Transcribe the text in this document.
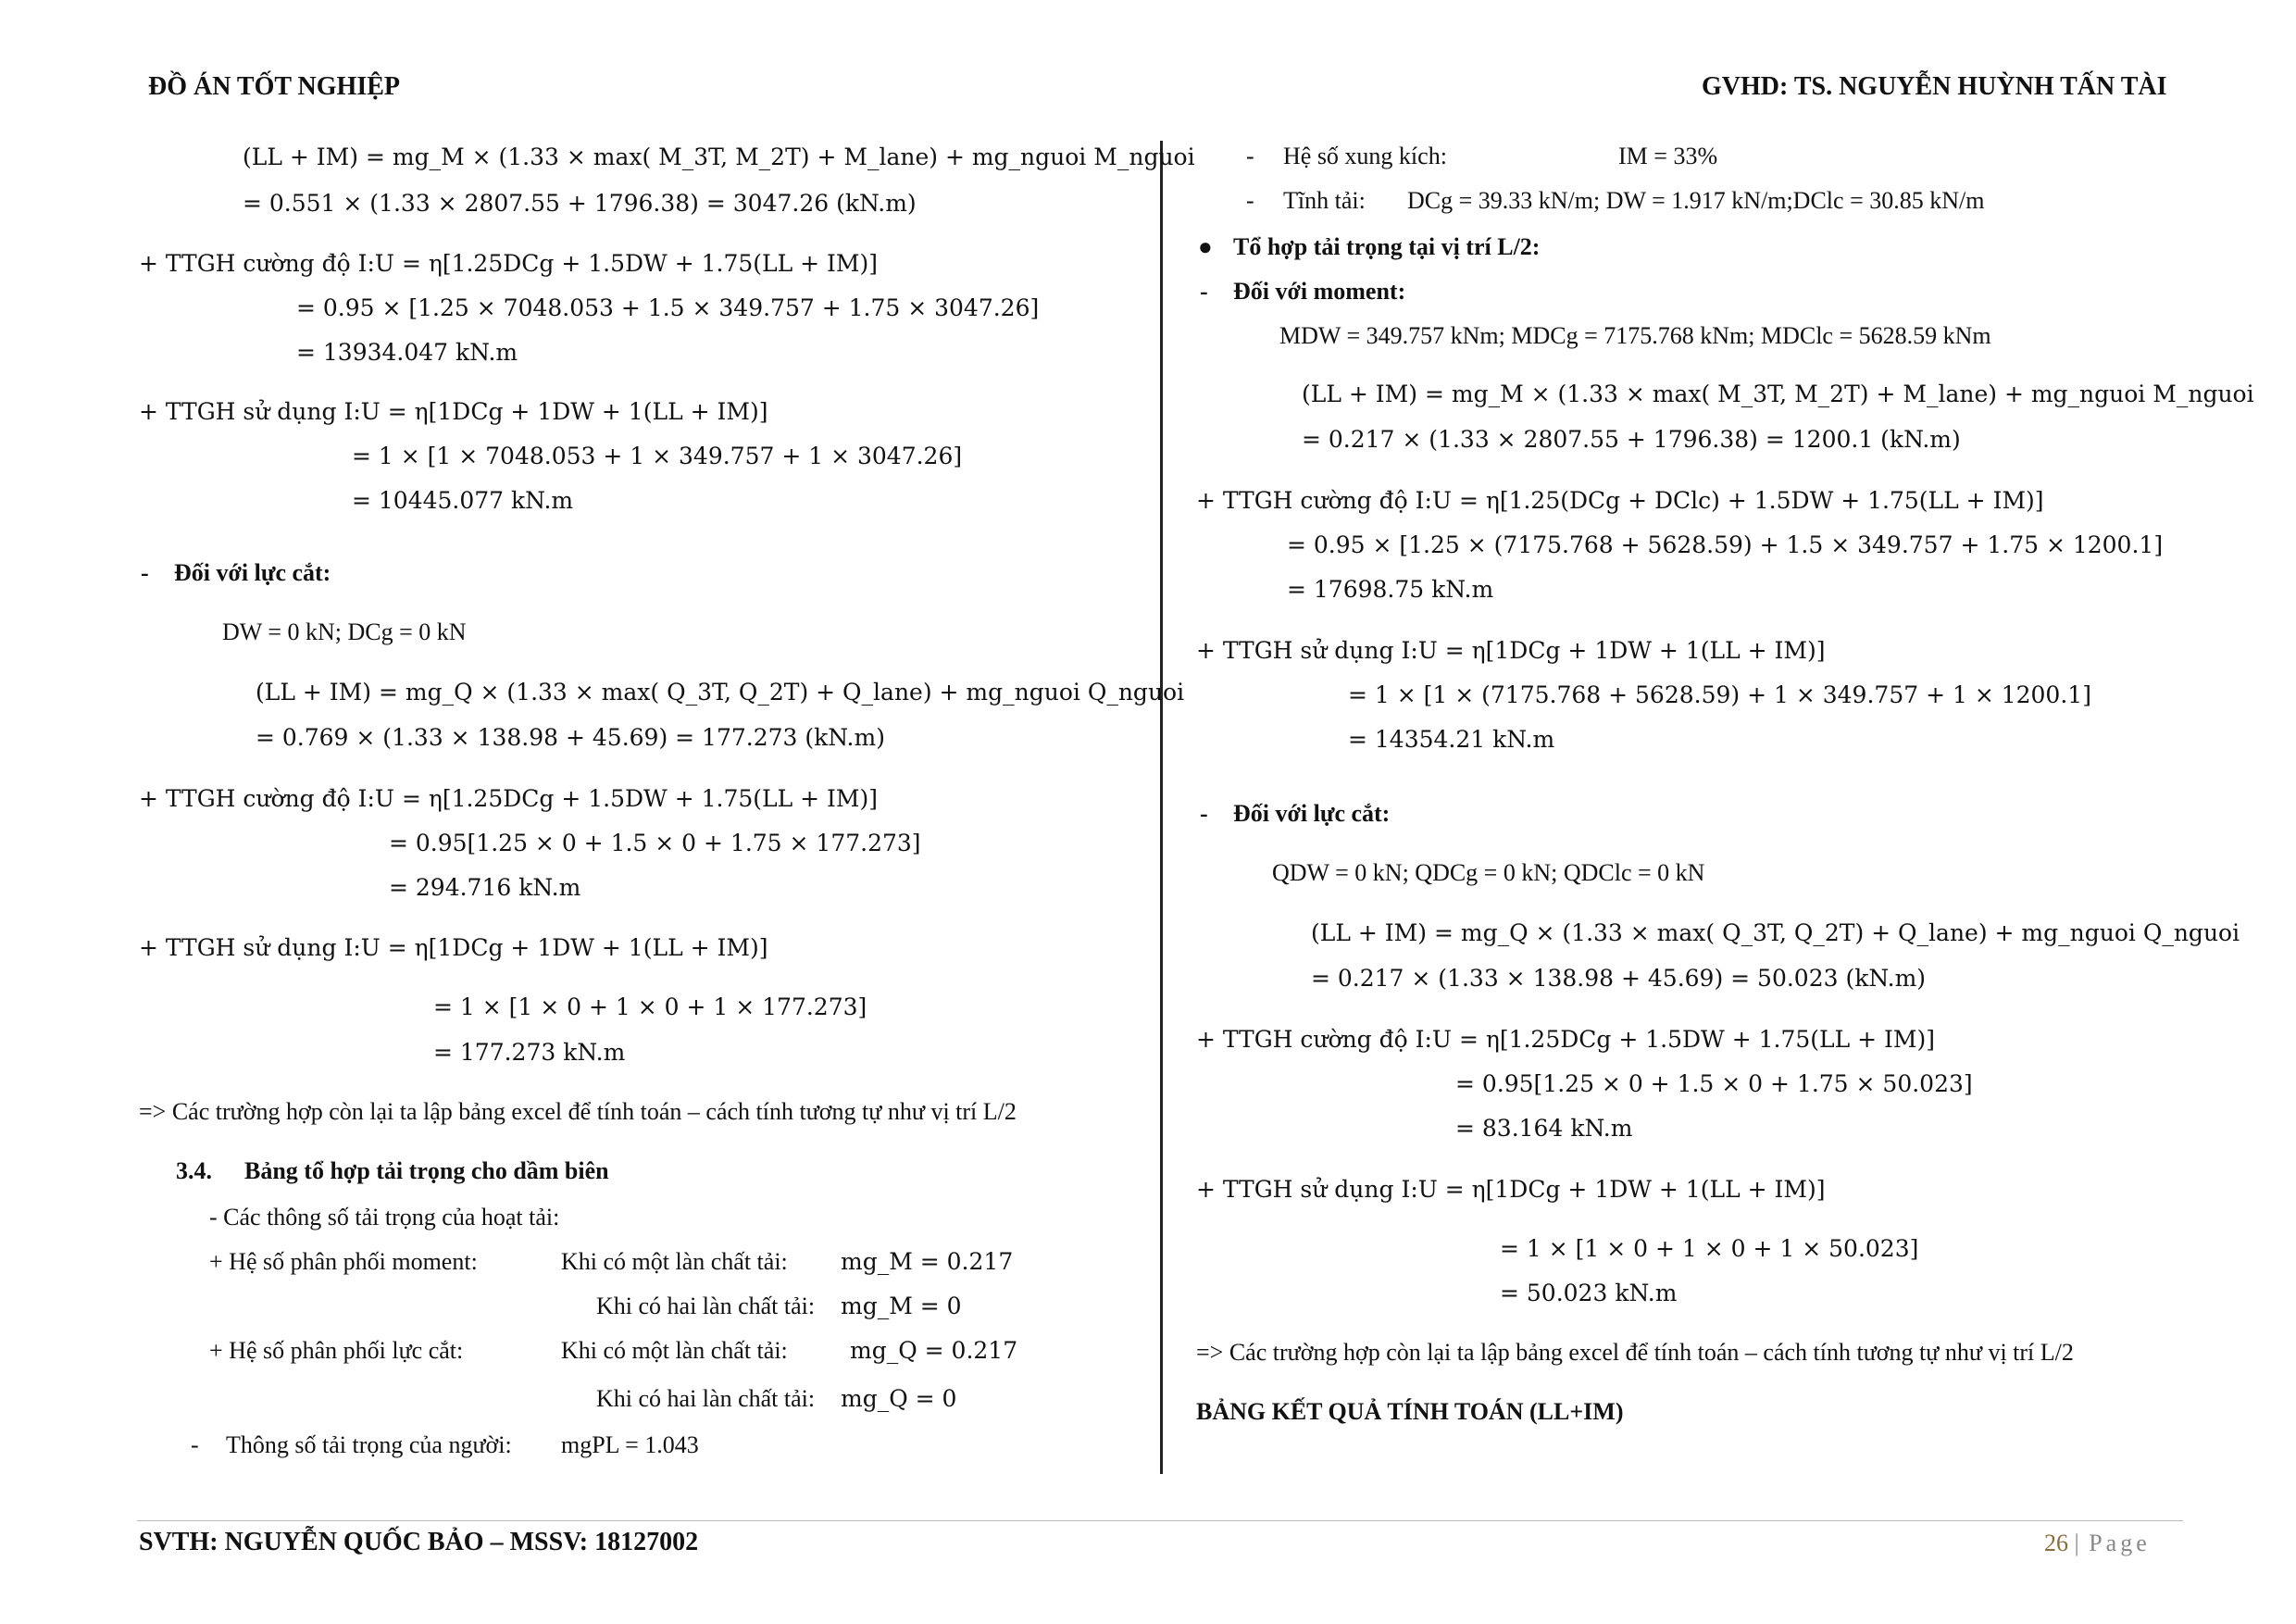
ĐỒ ÁN TỐT NGHIỆP	GVHD: TS. NGUYỄN HUỲNH TẤN TÀI
(LL + IM) = mg_M × (1.33 × max( M_3T, M_2T) + M_lane) + mg_nguoi M_nguoi
= 0.551 × (1.33 × 2807.55 + 1796.38) = 3047.26 (kN.m)
+ TTGH cường độ I:U = η[1.25DCg + 1.5DW + 1.75(LL + IM)]
= 0.95 × [1.25 × 7048.053 + 1.5 × 349.757 + 1.75 × 3047.26]
= 13934.047 kN.m
+ TTGH sử dụng I:U = η[1DCg + 1DW + 1(LL + IM)]
= 1 × [1 × 7048.053 + 1 × 349.757 + 1 × 3047.26]
= 10445.077 kN.m
- Đối với lực cắt:
DW = 0 kN; DCg = 0 kN
(LL + IM) = mg_Q × (1.33 × max( Q_3T, Q_2T) + Q_lane) + mg_nguoi Q_nguoi
= 0.769 × (1.33 × 138.98 + 45.69) = 177.273 (kN.m)
+ TTGH cường độ I:U = η[1.25DCg + 1.5DW + 1.75(LL + IM)]
= 0.95[1.25 × 0 + 1.5 × 0 + 1.75 × 177.273]
= 294.716 kN.m
+ TTGH sử dụng I:U = η[1DCg + 1DW + 1(LL + IM)]
= 1 × [1 × 0 + 1 × 0 + 1 × 177.273]
= 177.273 kN.m
=> Các trường hợp còn lại ta lập bảng excel để tính toán – cách tính tương tự như vị trí L/2
3.4. Bảng tổ hợp tải trọng cho dầm biên
- Các thông số tải trọng của hoạt tải:
+ Hệ số phân phối moment:	Khi có một làn chất tải: mg_M = 0.217
Khi có hai làn chất tải: mg_M = 0
+ Hệ số phân phối lực cắt:	Khi có một làn chất tải:	mg_Q = 0.217
Khi có hai làn chất tải: mg_Q = 0
- Thông số tải trọng của người: mgPL = 1.043
- Hệ số xung kích:	IM = 33%
- Tĩnh tải: DCg = 39.33 kN/m; DW = 1.917 kN/m;DClc = 30.85 kN/m
● Tổ hợp tải trọng tại vị trí L/2:
- Đối với moment:
MDW = 349.757 kNm; MDCg = 7175.768 kNm; MDClc = 5628.59 kNm
(LL + IM) = mg_M × (1.33 × max( M_3T, M_2T) + M_lane) + mg_nguoi M_nguoi
= 0.217 × (1.33 × 2807.55 + 1796.38) = 1200.1 (kN.m)
+ TTGH cường độ I:U = η[1.25(DCg + DClc) + 1.5DW + 1.75(LL + IM)]
= 0.95 × [1.25 × (7175.768 + 5628.59) + 1.5 × 349.757 + 1.75 × 1200.1]
= 17698.75 kN.m
+ TTGH sử dụng I:U = η[1DCg + 1DW + 1(LL + IM)]
= 1 × [1 × (7175.768 + 5628.59) + 1 × 349.757 + 1 × 1200.1]
= 14354.21 kN.m
- Đối với lực cắt:
QDW = 0 kN; QDCg = 0 kN; QDClc = 0 kN
(LL + IM) = mg_Q × (1.33 × max( Q_3T, Q_2T) + Q_lane) + mg_nguoi Q_nguoi
= 0.217 × (1.33 × 138.98 + 45.69) = 50.023 (kN.m)
+ TTGH cường độ I:U = η[1.25DCg + 1.5DW + 1.75(LL + IM)]
= 0.95[1.25 × 0 + 1.5 × 0 + 1.75 × 50.023]
= 83.164 kN.m
+ TTGH sử dụng I:U = η[1DCg + 1DW + 1(LL + IM)]
= 1 × [1 × 0 + 1 × 0 + 1 × 50.023]
= 50.023 kN.m
=> Các trường hợp còn lại ta lập bảng excel để tính toán – cách tính tương tự như vị trí L/2
BẢNG KẾT QUẢ TÍNH TOÁN (LL+IM)
SVTH: NGUYỄN QUỐC BẢO – MSSV: 18127002	26 | Page
